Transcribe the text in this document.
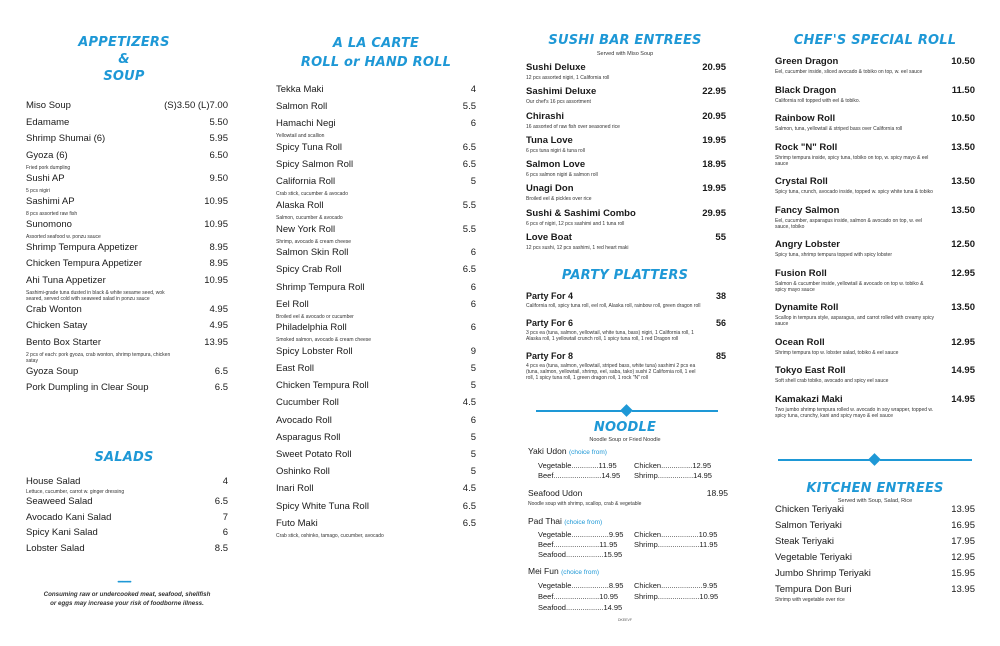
APPETIZERS
&
SOUP
Miso Soup	(S)3.50 (L)7.00
Edamame	5.50
Shrimp Shumai (6)	5.95
Gyoza (6)	6.50
Fried pork dumpling
Sushi AP	9.50
5 pcs nigiri
Sashimi AP	10.95
8 pcs assorted raw fish
Sunomono	10.95
Assorted seafood w. ponzu sauce
Shrimp Tempura Appetizer	8.95
Chicken Tempura Appetizer	8.95
Ahi Tuna Appetizer	10.95
Sashimi-grade tuna dusted in black & white sesame seed, wok seared, served cold with seaweed salad in ponzu sauce
Crab Wonton	4.95
Chicken Satay	4.95
Bento Box Starter	13.95
2 pcs of each: pork gyoza, crab wonton, shrimp tempura, chicken satay
Gyoza Soup	6.5
Pork Dumpling in Clear Soup	6.5
SALADS
House Salad	4
Lettuce, cucumber, carrot w. ginger dressing
Seaweed Salad	6.5
Avocado Kani Salad	7
Spicy Kani Salad	6
Lobster Salad	8.5
••••••••••••
Consuming raw or undercooked meat, seafood, shellfish
or eggs may increase your risk of foodborne illness.
A LA CARTE
ROLL or HAND ROLL
Tekka Maki	4
Salmon Roll	5.5
Hamachi Negi	6
Yellowtail and scallion
Spicy Tuna Roll	6.5
Spicy Salmon Roll	6.5
California Roll	5
Crab stick, cucumber & avocado
Alaska Roll	5.5
Salmon, cucumber & avocado
New York Roll	5.5
Shrimp, avocado & cream cheese
Salmon Skin Roll	6
Spicy Crab Roll	6.5
Shrimp Tempura Roll	6
Eel Roll	6
Broiled eel & avocado or cucumber
Philadelphia Roll	6
Smoked salmon, avocado & cream cheese
Spicy Lobster Roll	9
East Roll	5
Chicken Tempura Roll	5
Cucumber Roll	4.5
Avocado Roll	6
Asparagus Roll	5
Sweet Potato Roll	5
Oshinko Roll	5
Inari Roll	4.5
Spicy White Tuna Roll	6.5
Futo Maki	6.5
Crab stick, oshinko, tamago, cucumber, avocado
SUSHI BAR ENTREES
Served with Miso Soup
Sushi Deluxe	20.95
12 pcs assorted nigiri, 1 California roll
Sashimi Deluxe	22.95
Our chef's 16 pcs assortment
Chirashi	20.95
16 assorted of raw fish over seasoned rice
Tuna Love	19.95
6 pcs tuna nigiri & tuna roll
Salmon Love	18.95
6 pcs salmon nigiri & salmon roll
Unagi Don	19.95
Broiled eel & pickles over rice
Sushi & Sashimi Combo	29.95
6 pcs of nigiri, 12 pcs sashimi and 1 tuna roll
Love Boat	55
12 pcs sushi, 12 pcs sashimi, 1 red heart maki
PARTY PLATTERS
Party For 4	38
California roll, spicy tuna roll, eel roll, Alaska roll, rainbow roll, green dragon roll
Party For 6	56
3 pcs ea (tuna, salmon, yellowtail, white tuna, bass) nigiri, 1 California roll, 1 Alaska roll, 1 yellowtail crunch roll, 1 spicy tuna roll, 1 red Dragon roll
Party For 8	85
4 pcs ea (tuna, salmon, yellowtail, striped bass, white tuna) sashimi 2 pcs ea (tuna, salmon, yellowtail, shrimp, eel, saba, tako) sushi 2 California roll, 1 eel roll, 1 spicy tuna roll, 1 green dragon roll, 1 rock "N" roll
NOODLE
Noodle Soup or Fried Noodle
Yaki Udon (choice from)
Vegetable.............11.95
Beef.......................14.95
Chicken...............12.95
Shrimp.................14.95
Seafood Udon	18.95
Noodle soup with shrimp, scallop, crab & vegetable
Pad Thai (choice from)
Vegetable..................9.95
Beef......................11.95
Seafood..................15.95
Chicken..................10.95
Shrimp....................11.95
Mei Fun (choice from)
Vegetable..................8.95
Beef......................10.95
Seafood..................14.95
Chicken....................9.95
Shrimp....................10.95
DKEEVF
CHEF'S SPECIAL ROLL
Green Dragon	10.50
Eel, cucumber inside, sliced avocado & tobiko on top, w. eel sauce
Black Dragon	11.50
California roll topped with eel & tobiko.
Rainbow Roll	10.50
Salmon, tuna, yellowtail & striped bass over California roll
Rock "N" Roll	13.50
Shrimp tempura inside, spicy tuna, tobiko on top, w. spicy mayo & eel sauce
Crystal Roll	13.50
Spicy tuna, crunch, avocado inside, topped w. spicy white tuna & tobiko
Fancy Salmon	13.50
Eel, cucumber, asparagus inside, salmon & avocado on top, w. eel sauce, tobiko
Angry Lobster	12.50
Spicy tuna, shrimp tempura topped with spicy lobster
Fusion Roll	12.95
Salmon & cucumber inside, yellowtail & avocado on top w. tobiko & spicy mayo sauce
Dynamite Roll	13.50
Scallop in tempura style, asparagus, and carrot rolled with creamy spicy sauce
Ocean Roll	12.95
Shrimp tempura top w. lobster salad, tobiko & eel sauce
Tokyo East Roll	14.95
Soft shell crab tobiko, avocado and spicy eel sauce
Kamakazi Maki	14.95
Two jumbo shrimp tempura rolled w. avocado in soy wrapper, topped w. spicy tuna, crunchy, kani and spicy mayo & eel sauce
KITCHEN ENTREES
Served with Soup, Salad, Rice
Chicken Teriyaki	13.95
Salmon Teriyaki	16.95
Steak Teriyaki	17.95
Vegetable Teriyaki	12.95
Jumbo Shrimp Teriyaki	15.95
Tempura Don Buri	13.95
Shrimp with vegetable over rice
